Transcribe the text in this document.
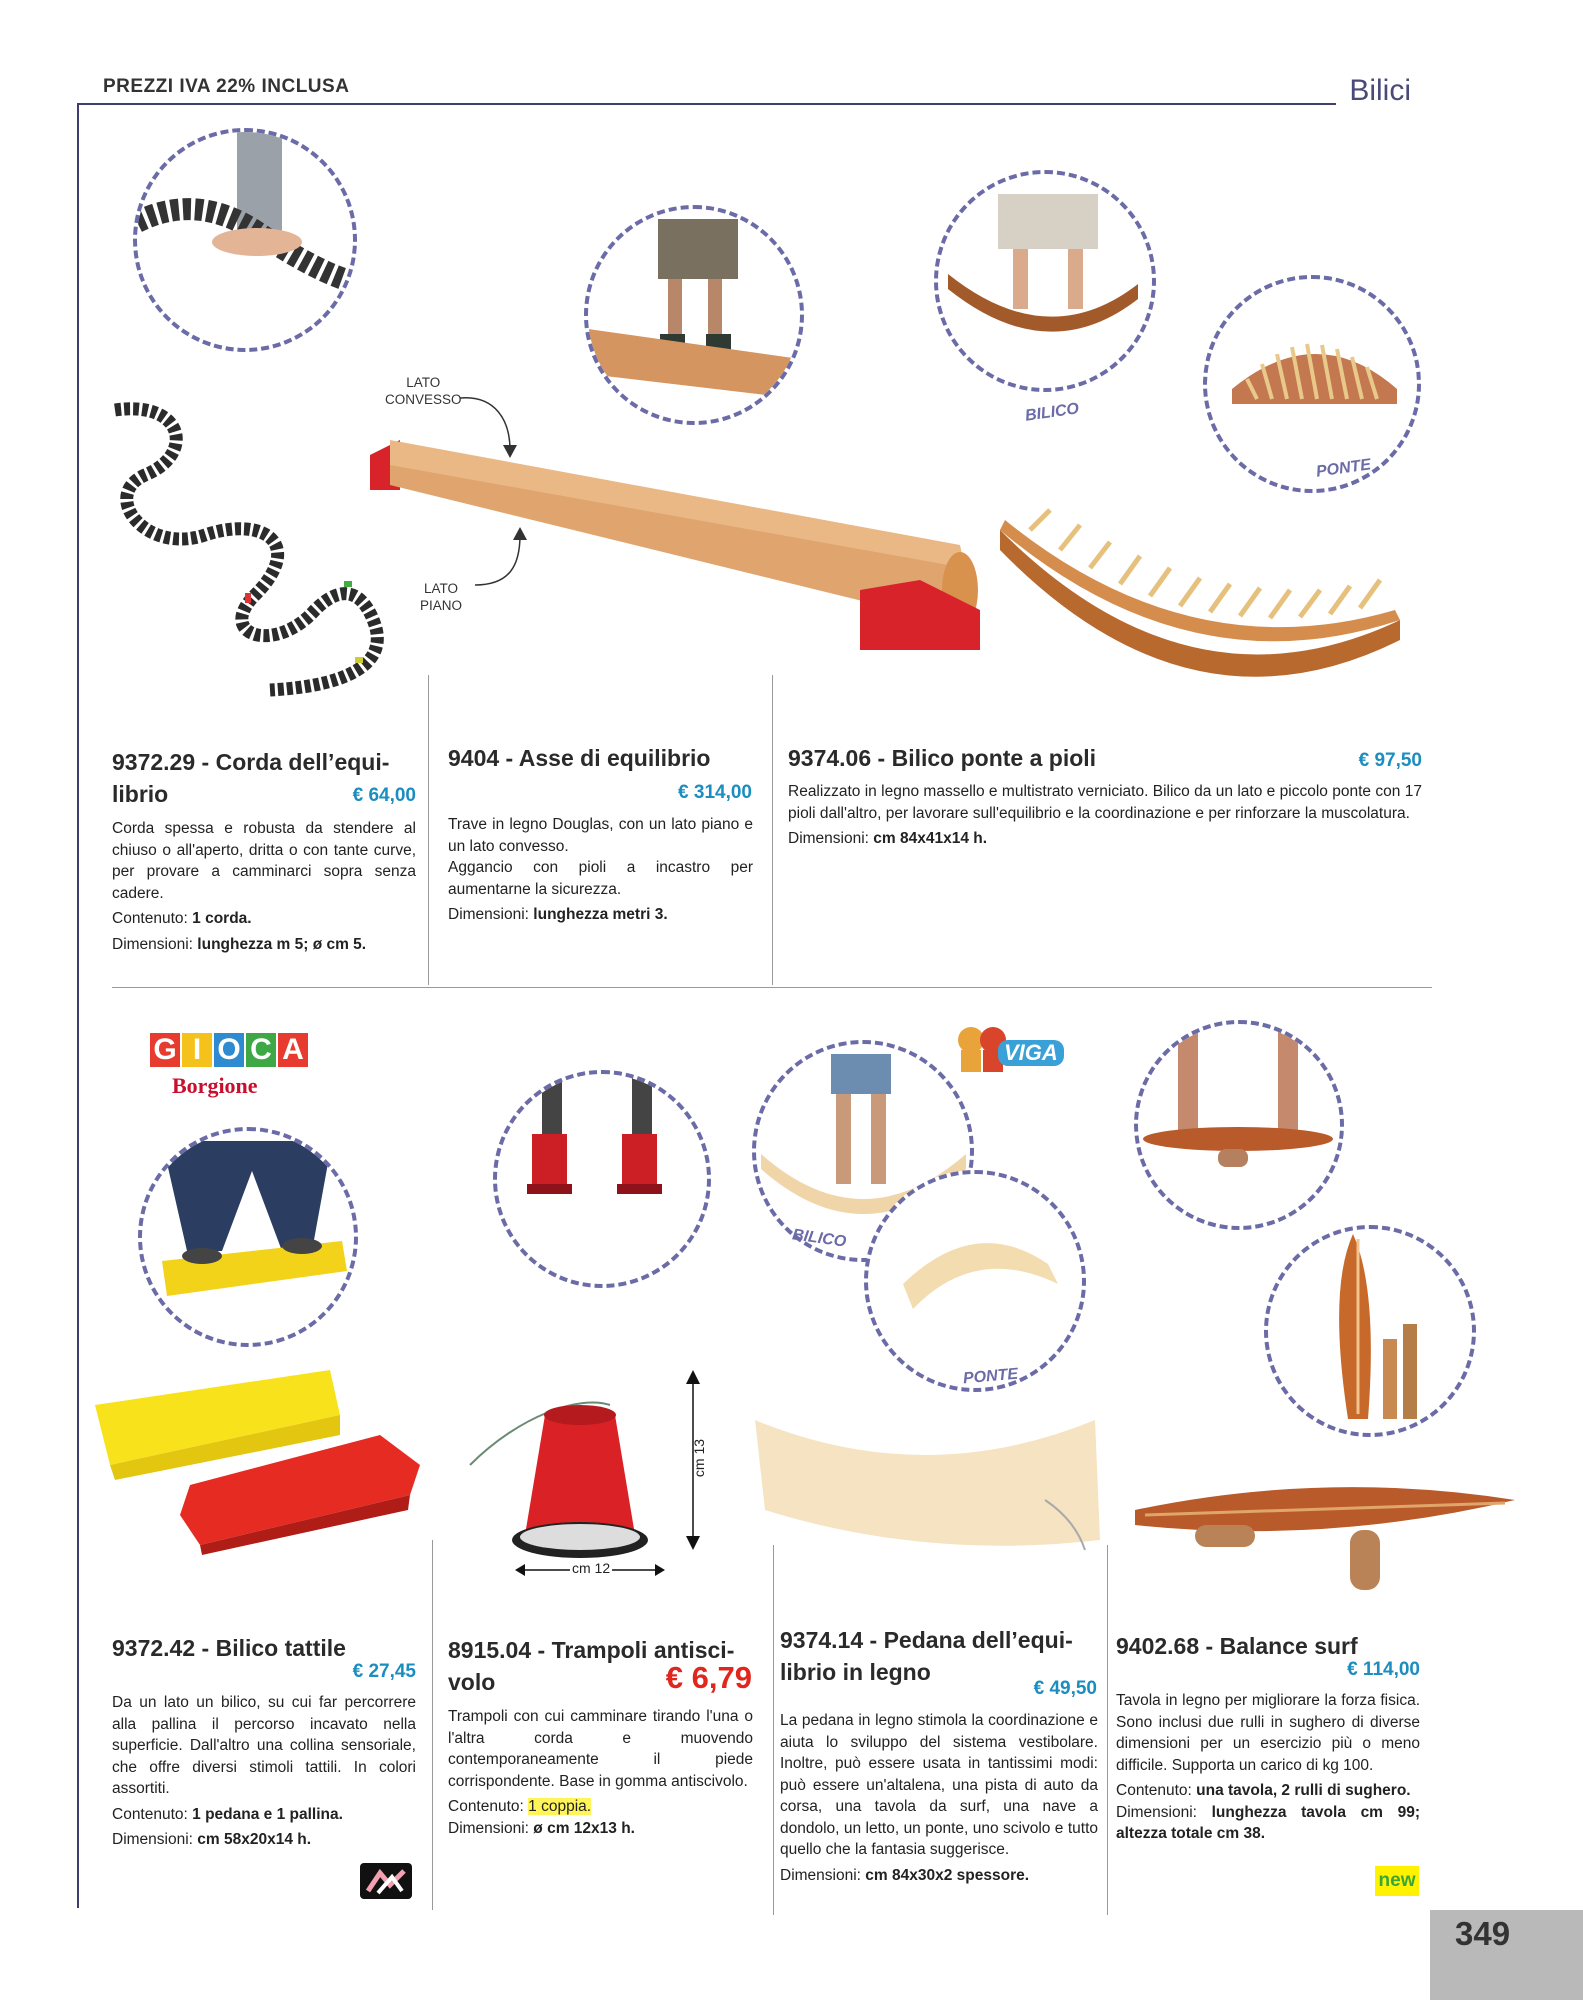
PREZZI IVA 22% INCLUSA	Bilici
LATO
CONVESSO
LATO
PIANO
BILICO
PONTE
9372.29 - Corda dell’equi-
librio	€ 64,00

Corda spessa e robusta da stendere al chiuso o all'aperto, dritta o con tante curve, per provare a camminarci sopra senza cadere.

Contenuto: 1 corda.

Dimensioni: lunghezza m 5; ø cm 5.

9404 - Asse di equilibrio
€ 314,00

Trave in legno Douglas, con un lato piano e un lato convesso.

Aggancio con pioli a incastro per aumentarne la sicurezza.

Dimensioni: lunghezza metri 3.

9374.06 - Bilico ponte a pioli	€ 97,50

Realizzato in legno massello e multistrato verniciato. Bilico da un lato e piccolo ponte con 17 pioli dall'altro, per lavorare sull'equilibrio e la coordinazione e per rinforzare la muscolatura.

Dimensioni: cm 84x41x14 h.

G I O C A
Borgione
cm 13
cm 12
VIGA
BILICO
PONTE
9372.42 - Bilico tattile
€ 27,45

Da un lato un bilico, su cui far percorrere alla pallina il percorso incavato nella superficie. Dall'altro una collina sensoriale, che offre diversi stimoli tattili. In colori assortiti.

Contenuto: 1 pedana e 1 pallina.

Dimensioni: cm 58x20x14 h.

8915.04 - Trampoli antisci-
volo	€ 6,79

Trampoli con cui camminare tirando l'una o l'altra corda e muovendo contemporaneamente il piede corrispondente. Base in gomma antiscivolo.

Contenuto: 1 coppia.

Dimensioni: ø cm 12x13 h.

9374.14 - Pedana dell’equi-
librio in legno
€ 49,50

La pedana in legno stimola la coordinazione e aiuta lo sviluppo del sistema vestibolare. Inoltre, può essere usata in tantissimi modi: può essere un'altalena, una pista di auto da corsa, una tavola da surf, una nave a dondolo, un letto, un ponte, uno scivolo e tutto quello che la fantasia suggerisce.

Dimensioni: cm 84x30x2 spessore.

9402.68 - Balance surf
€ 114,00

Tavola in legno per migliorare la forza fisica. Sono inclusi due rulli in sughero di diverse dimensioni per un esercizio più o meno difficile. Supporta un carico di kg 100.

Contenuto: una tavola, 2 rulli di sughero.

Dimensioni: lunghezza tavola cm 99; altezza totale cm 38.

new
349
